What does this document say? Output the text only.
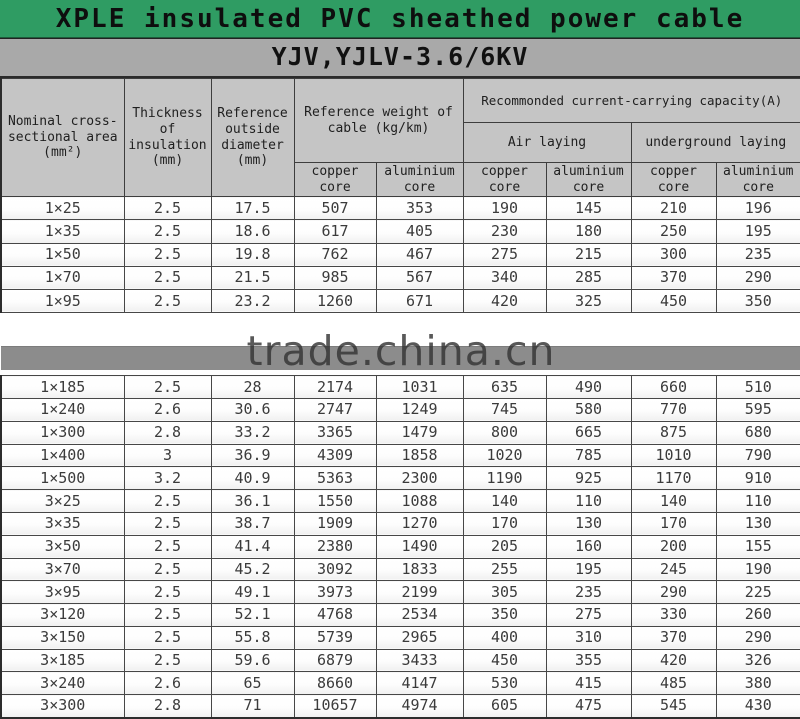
XPLE insulated PVC sheathed power cable
YJV,YJLV-3.6/6KV
Nominal cross-sectional area (mm²)	Thickness of insulation (mm)	Reference outside diameter (mm)	Reference weight of cable (kg/km)		Recommonded current-carrying capacity(A)			
					Air laying		underground laying	
			copper core	aluminium core	copper core	aluminium core	copper core	aluminium core
1×25	2.5	17.5	507	353	190	145	210	196
1×35	2.5	18.6	617	405	230	180	250	195
1×50	2.5	19.8	762	467	275	215	300	235
1×70	2.5	21.5	985	567	340	285	370	290
1×95	2.5	23.2	1260	671	420	325	450	350

trade.china.cn								

1×185	2.5	28	2174	1031	635	490	660	510
1×240	2.6	30.6	2747	1249	745	580	770	595
1×300	2.8	33.2	3365	1479	800	665	875	680
1×400	3	36.9	4309	1858	1020	785	1010	790
1×500	3.2	40.9	5363	2300	1190	925	1170	910
3×25	2.5	36.1	1550	1088	140	110	140	110
3×35	2.5	38.7	1909	1270	170	130	170	130
3×50	2.5	41.4	2380	1490	205	160	200	155
3×70	2.5	45.2	3092	1833	255	195	245	190
3×95	2.5	49.1	3973	2199	305	235	290	225
3×120	2.5	52.1	4768	2534	350	275	330	260
3×150	2.5	55.8	5739	2965	400	310	370	290
3×185	2.5	59.6	6879	3433	450	355	420	326
3×240	2.6	65	8660	4147	530	415	485	380
3×300	2.8	71	10657	4974	605	475	545	430
